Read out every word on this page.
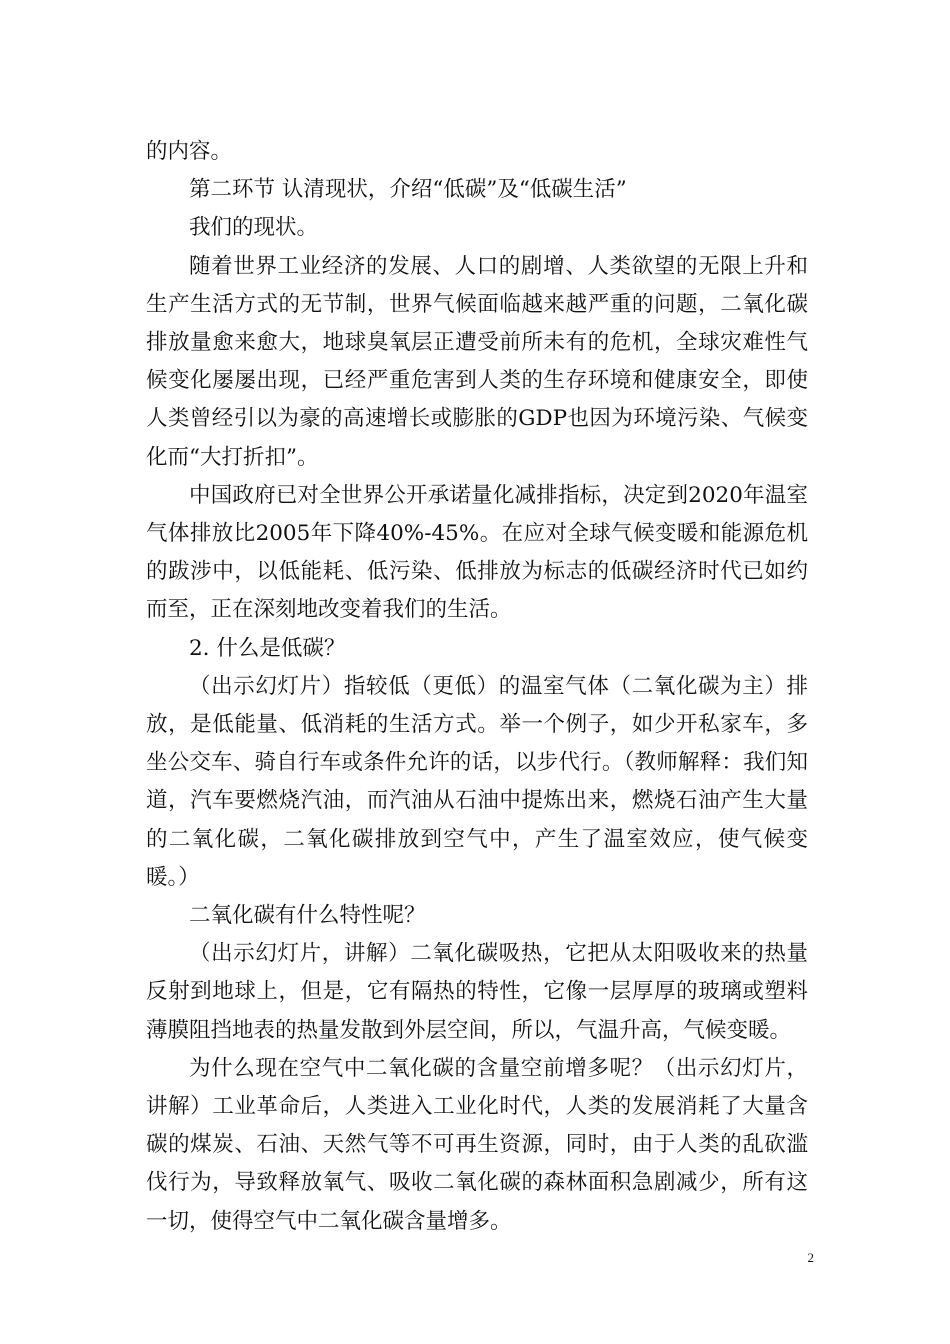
的内容。

第二环节 认清现状，介绍“低碳”及“低碳生活”

我们的现状。

随着世界工业经济的发展、人口的剧增、人类欲望的无限上升和生产生活方式的无节制，世界气候面临越来越严重的问题，二氧化碳排放量愈来愈大，地球臭氧层正遭受前所未有的危机，全球灾难性气候变化屡屡出现，已经严重危害到人类的生存环境和健康安全，即使人类曾经引以为豪的高速增长或膨胀的GDP也因为环境污染、气候变化而“大打折扣”。

中国政府已对全世界公开承诺量化减排指标，决定到2020年温室气体排放比2005年下降40%-45%。在应对全球气候变暖和能源危机的跋涉中，以低能耗、低污染、低排放为标志的低碳经济时代已如约而至，正在深刻地改变着我们的生活。

2. 什么是低碳？

（出示幻灯片）指较低（更低）的温室气体（二氧化碳为主）排放，是低能量、低消耗的生活方式。举一个例子，如少开私家车，多坐公交车、骑自行车或条件允许的话，以步代行。（教师解释：我们知道，汽车要燃烧汽油，而汽油从石油中提炼出来，燃烧石油产生大量的二氧化碳，二氧化碳排放到空气中，产生了温室效应，使气候变暖。）

二氧化碳有什么特性呢？

（出示幻灯片，讲解）二氧化碳吸热，它把从太阳吸收来的热量反射到地球上，但是，它有隔热的特性，它像一层厚厚的玻璃或塑料薄膜阻挡地表的热量发散到外层空间，所以，气温升高，气候变暖。

为什么现在空气中二氧化碳的含量空前增多呢？（出示幻灯片，讲解）工业革命后，人类进入工业化时代，人类的发展消耗了大量含碳的煤炭、石油、天然气等不可再生资源，同时，由于人类的乱砍滥伐行为，导致释放氧气、吸收二氧化碳的森林面积急剧减少，所有这一切，使得空气中二氧化碳含量增多。

2
